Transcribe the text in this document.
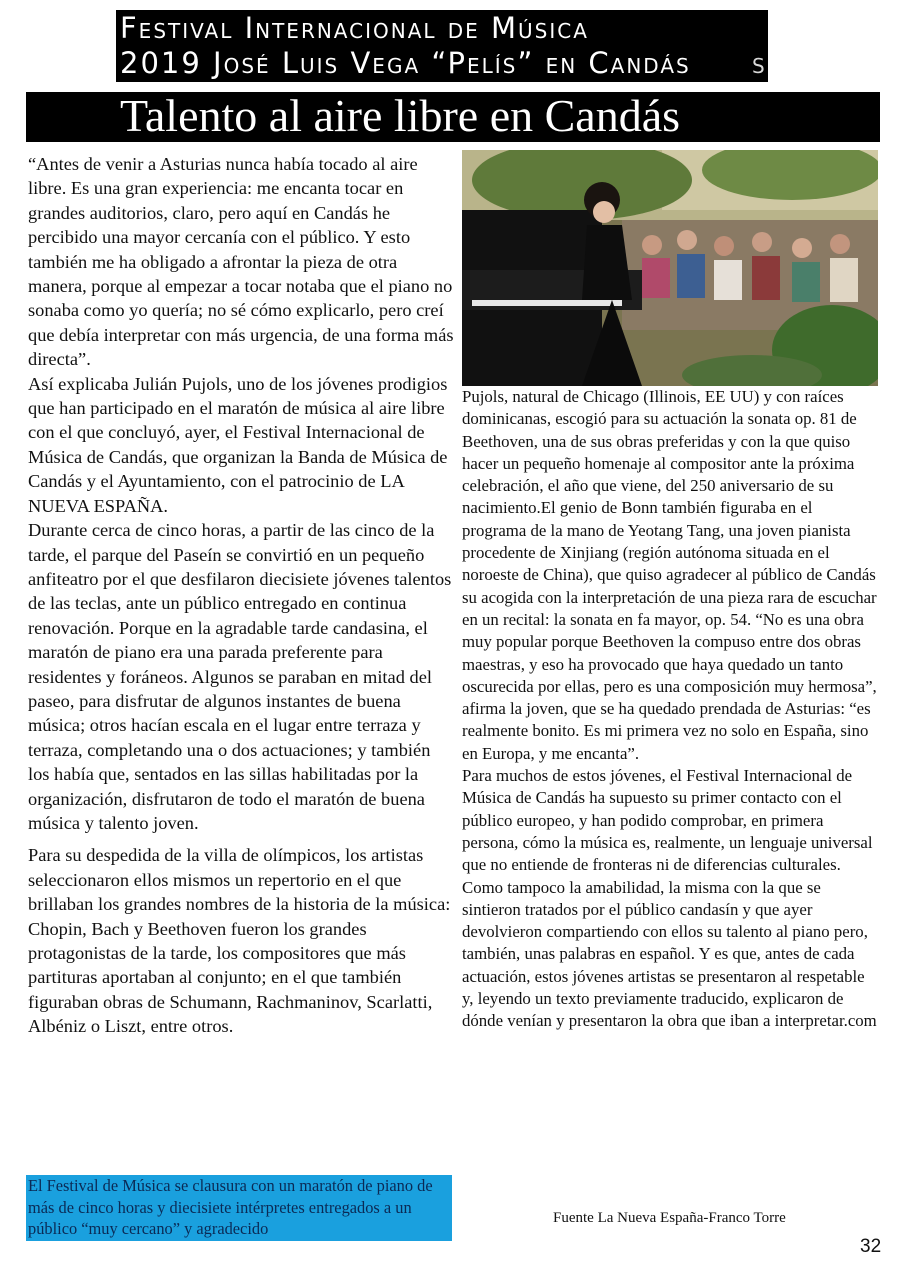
Festival Internacional de Música
2019 José Luis Vega “Pelís” en Candás s
Talento al aire libre en Candás

“Antes de venir a Asturias nunca había tocado al aire libre. Es una gran experiencia: me encanta tocar en grandes auditorios, claro, pero aquí en Candás he percibido una mayor cercanía con el público. Y esto también me ha obligado a afrontar la pieza de otra manera, porque al empezar a tocar notaba que el piano no sonaba como yo quería; no sé cómo explicarlo, pero creí que debía interpretar con más urgencia, de una forma más directa”.

Así explicaba Julián Pujols, uno de los jóvenes prodigios que han participado en el maratón de música al aire libre con el que concluyó, ayer, el Festival Internacional de Música de Candás, que organizan la Banda de Música de Candás y el Ayuntamiento, con el patrocinio de LA NUEVA ESPAÑA.

Durante cerca de cinco horas, a partir de las cinco de la tarde, el parque del Paseín se convirtió en un pequeño anfiteatro por el que desfilaron diecisiete jóvenes talentos de las teclas, ante un público entregado en continua renovación. Porque en la agradable tarde candasina, el maratón de piano era una parada preferente para residentes y foráneos. Algunos se paraban en mitad del paseo, para disfrutar de algunos instantes de buena música; otros hacían escala en el lugar entre terraza y terraza, completando una o dos actuaciones; y también los había que, sentados en las sillas habilitadas por la organización, disfrutaron de todo el maratón de buena música y talento joven.

Para su despedida de la villa de olímpicos, los artistas seleccionaron ellos mismos un repertorio en el que brillaban los grandes nombres de la historia de la música: Chopin, Bach y Beethoven fueron los grandes protagonistas de la tarde, los compositores que más partituras aportaban al conjunto; en el que también figuraban obras de Schumann, Rachmaninov, Scarlatti, Albéniz o Liszt, entre otros.

Pujols, natural de Chicago (Illinois, EE UU) y con raíces dominicanas, escogió para su actuación la sonata op. 81 de Beethoven, una de sus obras preferidas y con la que quiso hacer un pequeño homenaje al compositor ante la próxima celebración, el año que viene, del 250 aniversario de su nacimiento.El genio de Bonn también figuraba en el programa de la mano de Yeotang Tang, una joven pianista procedente de Xinjiang (región autónoma situada en el noroeste de China), que quiso agradecer al público de Candás su acogida con la interpretación de una pieza rara de escuchar en un recital: la sonata en fa mayor, op. 54. “No es una obra muy popular porque Beethoven la compuso entre dos obras maestras, y eso ha provocado que haya quedado un tanto oscurecida por ellas, pero es una composición muy hermosa”, afirma la joven, que se ha quedado prendada de Asturias: “es realmente bonito. Es mi primera vez no solo en España, sino en Europa, y me encanta”.

Para muchos de estos jóvenes, el Festival Internacional de Música de Candás ha supuesto su primer contacto con el público europeo, y han podido comprobar, en primera persona, cómo la música es, realmente, un lenguaje universal que no entiende de fronteras ni de diferencias culturales. Como tampoco la amabilidad, la misma con la que se sintieron tratados por el público candasín y que ayer devolvieron compartiendo con ellos su talento al piano pero, también, unas palabras en español. Y es que, antes de cada actuación, estos jóvenes artistas se presentaron al respetable y, leyendo un texto previamente traducido, explicaron de dónde venían y presentaron la obra que iban a interpretar.com

El Festival de Música se clausura con un maratón de piano de más de cinco horas y diecisiete intérpretes entregados a un público “muy cercano” y agradecido
Fuente La Nueva España-Franco Torre
32
